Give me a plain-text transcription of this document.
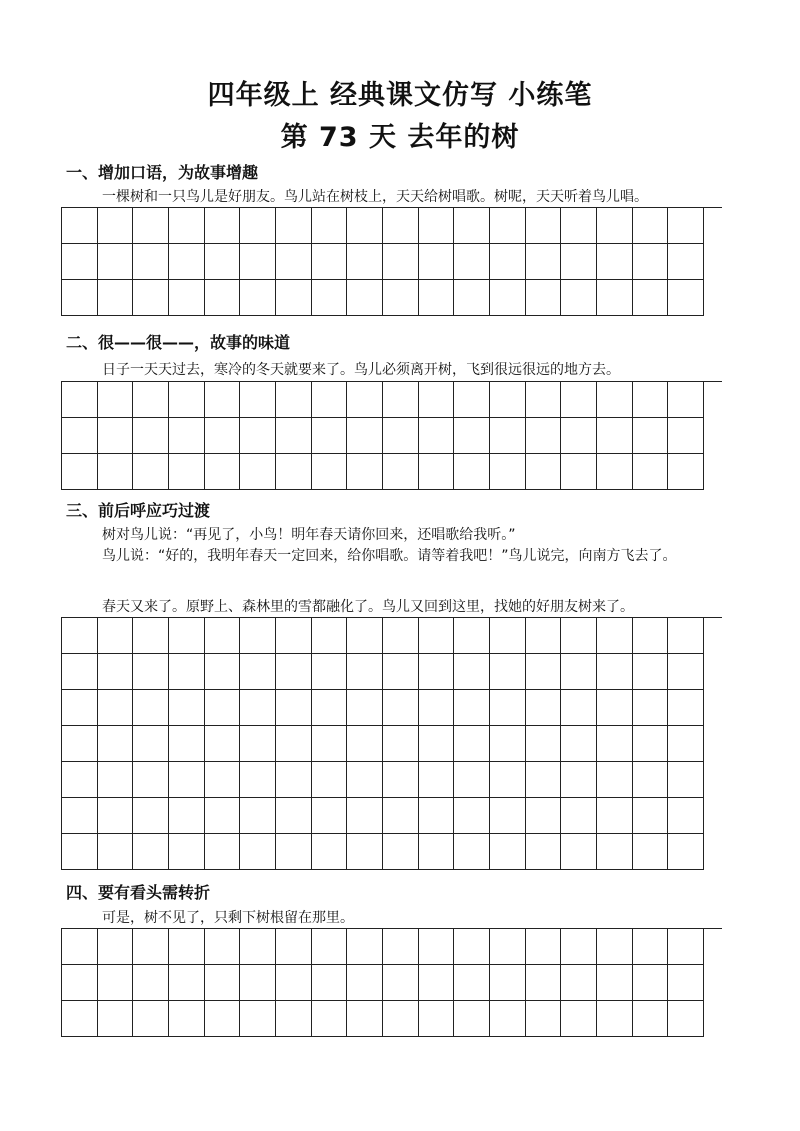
四年级上 经典课文仿写 小练笔
第 73 天 去年的树
一、增加口语，为故事增趣
一棵树和一只鸟儿是好朋友。鸟儿站在树枝上，天天给树唱歌。树呢，天天听着鸟儿唱。
二、很——很——，故事的味道
日子一天天过去，寒冷的冬天就要来了。鸟儿必须离开树，飞到很远很远的地方去。
三、前后呼应巧过渡
树对鸟儿说：“再见了，小鸟！明年春天请你回来，还唱歌给我听。”
鸟儿说：“好的，我明年春天一定回来，给你唱歌。请等着我吧！”鸟儿说完，向南方飞去了。
春天又来了。原野上、森林里的雪都融化了。鸟儿又回到这里，找她的好朋友树来了。
四、要有看头需转折
可是，树不见了，只剩下树根留在那里。
